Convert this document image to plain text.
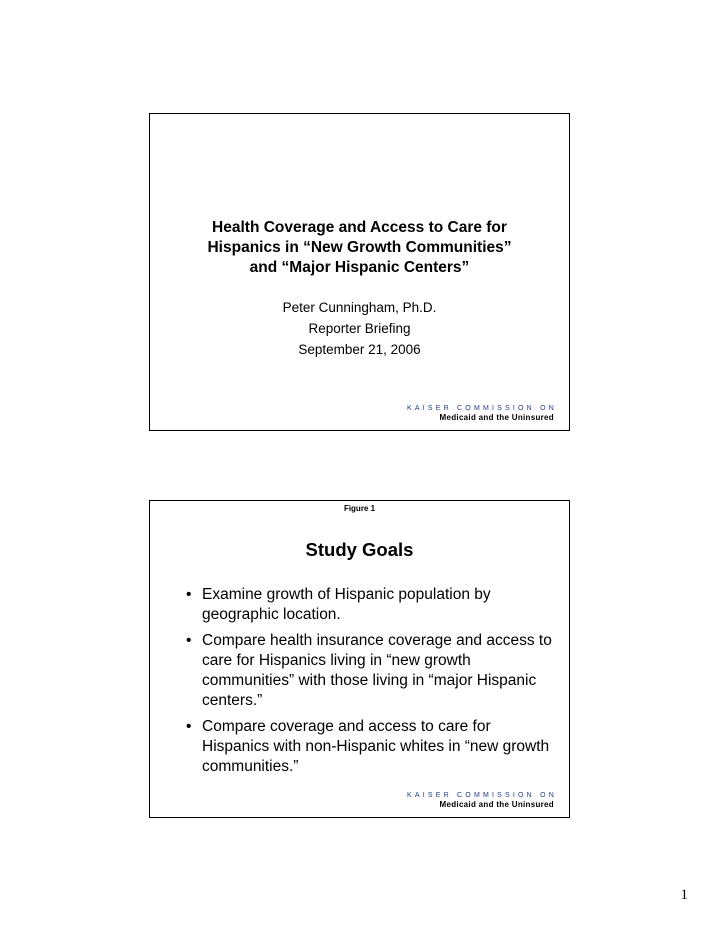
Health Coverage and Access to Care for
Hispanics in “New Growth Communities”
and “Major Hispanic Centers”
Peter Cunningham, Ph.D.
Reporter Briefing
September 21, 2006
KAISER COMMISSION ON
Medicaid and the Uninsured
Figure 1
Study Goals
• Examine growth of Hispanic population by geographic location.
• Compare health insurance coverage and access to care for Hispanics living in “new growth communities” with those living in “major Hispanic centers.”
• Compare coverage and access to care for Hispanics with non-Hispanic whites in “new growth communities.”
KAISER COMMISSION ON
Medicaid and the Uninsured
1
